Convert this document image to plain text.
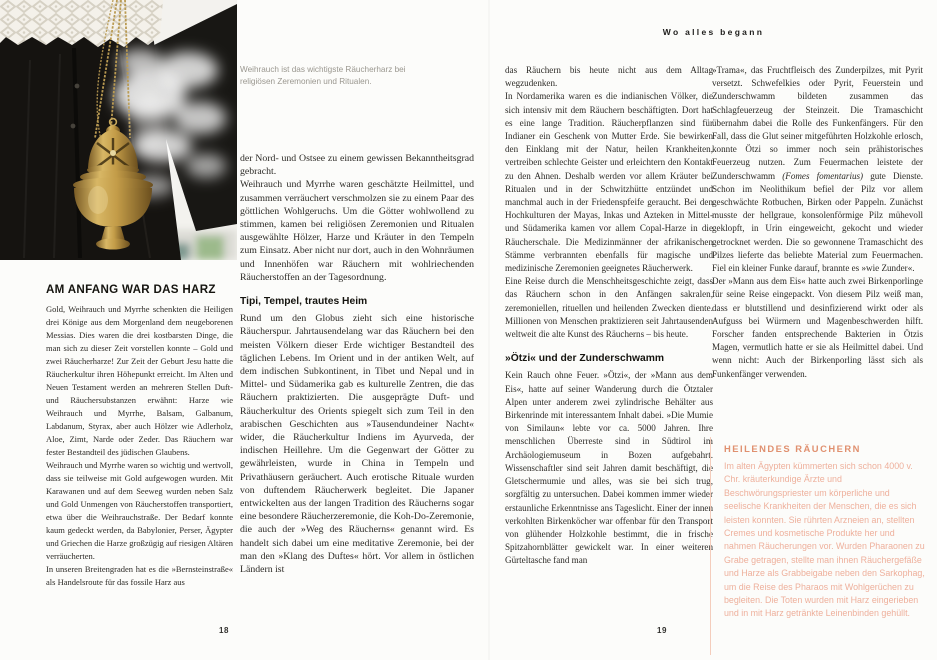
Wo alles begann
Weihrauch ist das wichtigste Räucherharz bei religiösen Zeremonien und Ritualen.
AM ANFANG WAR DAS HARZ

Gold, Weihrauch und Myrrhe schenkten die Heiligen drei Könige aus dem Morgenland dem neugeborenen Messias. Dies waren die drei kostbarsten Dinge, die man sich zu dieser Zeit vorstellen konnte – Gold und zwei Räucherharze! Zur Zeit der Geburt Jesu hatte die Räucherkultur ihren Höhepunkt erreicht. Im Alten und Neuen Testament werden an mehreren Stellen Duft- und Räuchersubstanzen erwähnt: Harze wie Weihrauch und Myrrhe, Balsam, Galbanum, Labdanum, Styrax, aber auch Hölzer wie Adlerholz, Aloe, Zimt, Narde oder Zeder. Das Räuchern war fester Bestandteil des jüdischen Glaubens.

Weihrauch und Myrrhe waren so wichtig und wertvoll, dass sie teilweise mit Gold aufgewogen wurden. Mit Karawanen und auf dem Seeweg wurden neben Salz und Gold Unmengen von Räucherstoffen transportiert, etwa über die Weihrauchstraße. Der Bedarf konnte kaum gedeckt werden, da Babylonier, Perser, Ägypter und Griechen die Harze großzügig auf riesigen Altären verräucherten.

In unseren Breitengraden hat es die »Bernsteinstraße« als Handelsroute für das fossile Harz aus

der Nord- und Ostsee zu einem gewissen Bekanntheitsgrad gebracht.

Weihrauch und Myrrhe waren geschätzte Heilmittel, und zusammen verräuchert verschmolzen sie zu einem Paar des göttlichen Wohlgeruchs. Um die Götter wohlwollend zu stimmen, kamen bei religiösen Zeremonien und Ritualen ausgewählte Hölzer, Harze und Kräuter in den Tempeln zum Einsatz. Aber nicht nur dort, auch in den Wohnräumen und Innenhöfen war Räuchern mit wohlriechenden Räucherstoffen an der Tagesordnung.

Tipi, Tempel, trautes Heim

Rund um den Globus zieht sich eine historische Räucherspur. Jahrtausendelang war das Räuchern bei den meisten Völkern dieser Erde wichtiger Bestandteil des täglichen Lebens. Im Orient und in der antiken Welt, auf dem indischen Subkontinent, in Tibet und Nepal und in Mittel- und Südamerika gab es kulturelle Zentren, die das Räuchern praktizierten. Die ausgeprägte Duft- und Räucherkultur des Orients spiegelt sich zum Teil in den arabischen Geschichten aus »Tausendundeiner Nacht« wider, die Räucherkultur Indiens im Ayurveda, der indischen Heillehre. Um die Gegenwart der Götter zu gewährleisten, wurde in China in Tempeln und Privathäusern geräuchert. Auch erotische Rituale wurden von duftendem Räucherwerk begleitet. Die Japaner entwickelten aus der langen Tradition des Räucherns sogar eine besondere Räucherzeremonie, die Koh-Do-Zeremonie, die auch der »Weg des Räucherns« genannt wird. Es handelt sich dabei um eine meditative Zeremonie, bei der man den »Klang des Duftes« hört. Vor allem in östlichen Ländern ist

das Räuchern bis heute nicht aus dem Alltag wegzudenken.

In Nordamerika waren es die indianischen Völker, die sich intensiv mit dem Räuchern beschäftigten. Dort hat es eine lange Tradition. Räucherpflanzen sind für Indianer ein Geschenk von Mutter Erde. Sie bewirken den Einklang mit der Natur, heilen Krankheiten, vertreiben schlechte Geister und erleichtern den Kontakt zu den Ahnen. Deshalb werden vor allem Kräuter bei Ritualen und in der Schwitzhütte entzündet und manchmal auch in der Friedenspfeife geraucht. Bei den Hochkulturen der Mayas, Inkas und Azteken in Mittel- und Südamerika kamen vor allem Copal-Harze in die Räucherschale. Die Medizinmänner der afrikanischen Stämme verbrannten ebenfalls für magische und medizinische Zeremonien geeignetes Räucherwerk.

Eine Reise durch die Menschheitsgeschichte zeigt, dass das Räuchern schon in den Anfängen sakralen, zeremoniellen, rituellen und heilenden Zwecken diente. Millionen von Menschen praktizieren seit Jahrtausenden weltweit die alte Kunst des Räucherns – bis heute.

»Ötzi« und der Zunderschwamm

Kein Rauch ohne Feuer. »Ötzi«, der »Mann aus dem Eis«, hatte auf seiner Wanderung durch die Ötztaler Alpen unter anderem zwei zylindrische Behälter aus Birkenrinde mit interessantem Inhalt dabei. »Die Mumie von Similaun« lebte vor ca. 5000 Jahren. Ihre menschlichen Überreste sind in Südtirol im Archäologiemuseum in Bozen aufgebahrt. Wissenschaftler sind seit Jahren damit beschäftigt, die Gletschermumie und alles, was sie bei sich trug, sorgfältig zu untersuchen. Dabei kommen immer wieder erstaunliche Erkenntnisse ans Tageslicht. Einer der innen verkohlten Birkenköcher war offenbar für den Transport von glühender Holzkohle bestimmt, die in frische Spitzahornblätter gewickelt war. In einer weiteren Gürteltasche fand man

»Trama«, das Fruchtfleisch des Zunderpilzes, mit Pyrit versetzt. Schwefelkies oder Pyrit, Feuerstein und Zunderschwamm bildeten zusammen das Schlagfeuerzeug der Steinzeit. Die Tramaschicht übernahm dabei die Rolle des Funkenfängers. Für den Fall, dass die Glut seiner mitgeführten Holzkohle erlosch, konnte Ötzi so immer noch sein prähistorisches Feuerzeug nutzen. Zum Feuermachen leistete der Zunderschwamm (Fomes fomentarius) gute Dienste. Schon im Neolithikum befiel der Pilz vor allem geschwächte Rotbuchen, Birken oder Pappeln. Zunächst musste der hellgraue, konsolenförmige Pilz mühevoll geklopft, in Urin eingeweicht, gekocht und wieder getrocknet werden. Die so gewonnene Tramaschicht des Pilzes lieferte das beliebte Material zum Feuermachen. Fiel ein kleiner Funke darauf, brannte es »wie Zunder«.

Der »Mann aus dem Eis« hatte auch zwei Birkenporlinge für seine Reise eingepackt. Von diesem Pilz weiß man, dass er blutstillend und desinfizierend wirkt oder als Aufguss bei Würmern und Magenbeschwerden hilft. Forscher fanden entsprechende Bakterien in Ötzis Magen, vermutlich hatte er sie als Heilmittel dabei. Und wenn nicht: Auch der Birkenporling lässt sich als Funkenfänger verwenden.

HEILENDES RÄUCHERN

Im alten Ägypten kümmerten sich schon 4000 v. Chr. kräuterkundige Ärzte und Beschwörungspriester um körperliche und seelische Krankheiten der Menschen, die es sich leisten konnten. Sie rührten Arzneien an, stellten Cremes und kosmetische Produkte her und nahmen Räucherungen vor. Wurden Pharaonen zu Grabe getragen, stellte man ihnen Räuchergefäße und Harze als Grabbeigabe neben den Sarkophag, um die Reise des Pharaos mit Wohlgerüchen zu begleiten. Die Toten wurden mit Harz eingerieben und in mit Harz getränkte Leinenbinden gehüllt.

18	19
